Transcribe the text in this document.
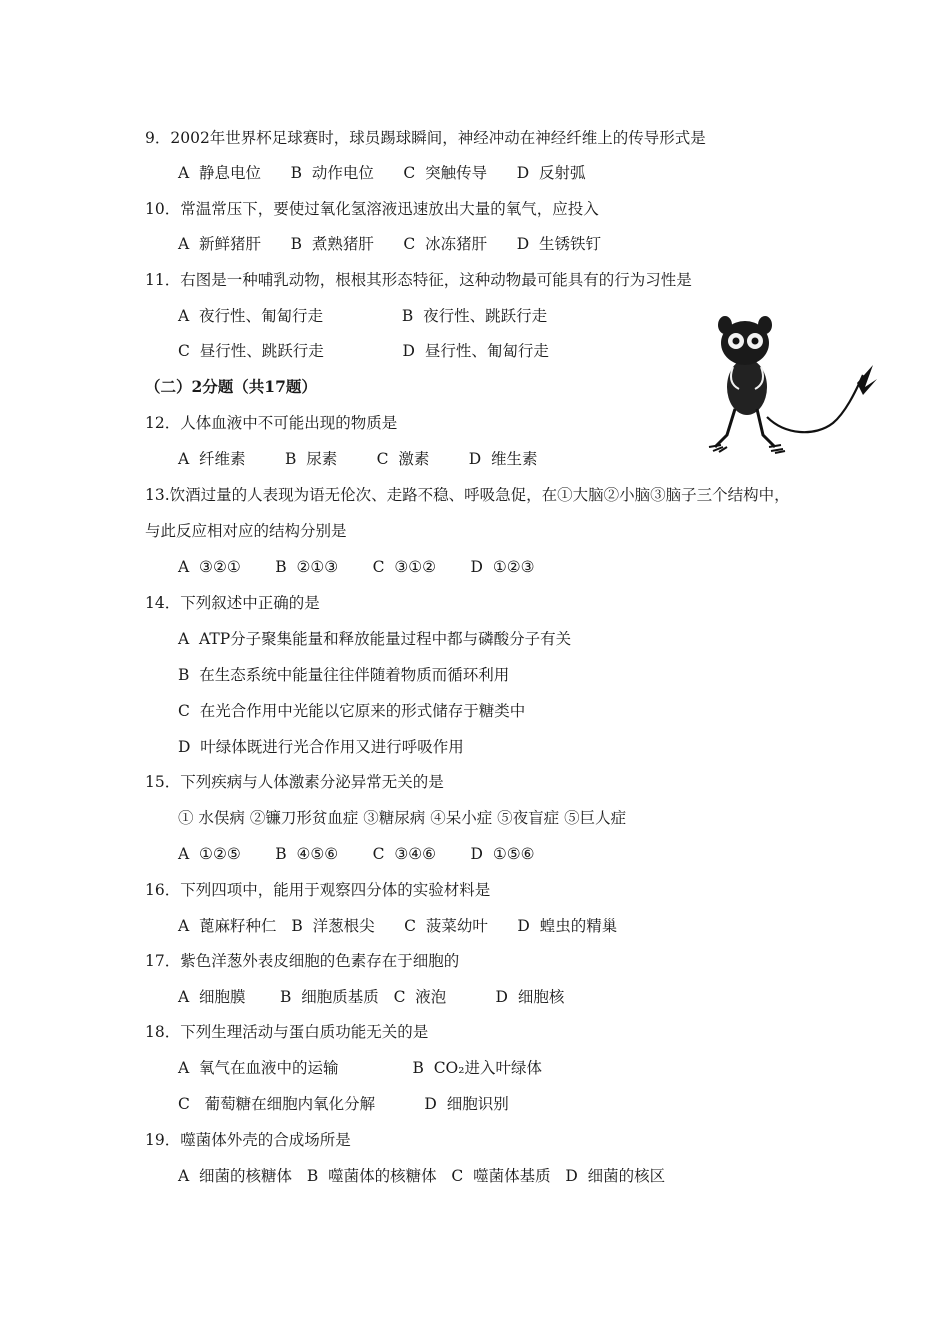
9．2002年世界杯足球赛时，球员踢球瞬间，神经冲动在神经纤维上的传导形式是
A  静息电位      B  动作电位      C  突触传导      D  反射弧
10．常温常压下，要使过氧化氢溶液迅速放出大量的氧气，应投入
A  新鲜猪肝      B  煮熟猪肝      C  冰冻猪肝      D  生锈铁钉
11．右图是一种哺乳动物，根根其形态特征，这种动物最可能具有的行为习性是
A  夜行性、匍匐行走                B  夜行性、跳跃行走
C  昼行性、跳跃行走                D  昼行性、匍匐行走
（二）2分题（共17题）
12．人体血液中不可能出现的物质是
A  纤维素        B  尿素        C  激素        D  维生素
13.饮酒过量的人表现为语无伦次、走路不稳、呼吸急促，在①大脑②小脑③脑子三个结构中，
与此反应相对应的结构分别是
A  ③②①       B  ②①③       C  ③①②       D  ①②③
14．下列叙述中正确的是
A  ATP分子聚集能量和释放能量过程中都与磷酸分子有关
B  在生态系统中能量往往伴随着物质而循环利用
C  在光合作用中光能以它原来的形式储存于糖类中
D  叶绿体既进行光合作用又进行呼吸作用
15．下列疾病与人体激素分泌异常无关的是
① 水俣病 ②镰刀形贫血症 ③糖尿病 ④呆小症 ⑤夜盲症 ⑤巨人症
A  ①②⑤       B  ④⑤⑥       C  ③④⑥       D  ①⑤⑥
16．下列四项中，能用于观察四分体的实验材料是
A  蓖麻籽种仁   B  洋葱根尖      C  菠菜幼叶      D  蝗虫的精巢
17．紫色洋葱外表皮细胞的色素存在于细胞的
A  细胞膜       B  细胞质基质   C  液泡          D  细胞核
18．下列生理活动与蛋白质功能无关的是
A  氧气在血液中的运输               B  CO₂进入叶绿体
C   葡萄糖在细胞内氧化分解          D  细胞识别
19．噬菌体外壳的合成场所是
A  细菌的核糖体   B  噬菌体的核糖体   C  噬菌体基质   D  细菌的核区
